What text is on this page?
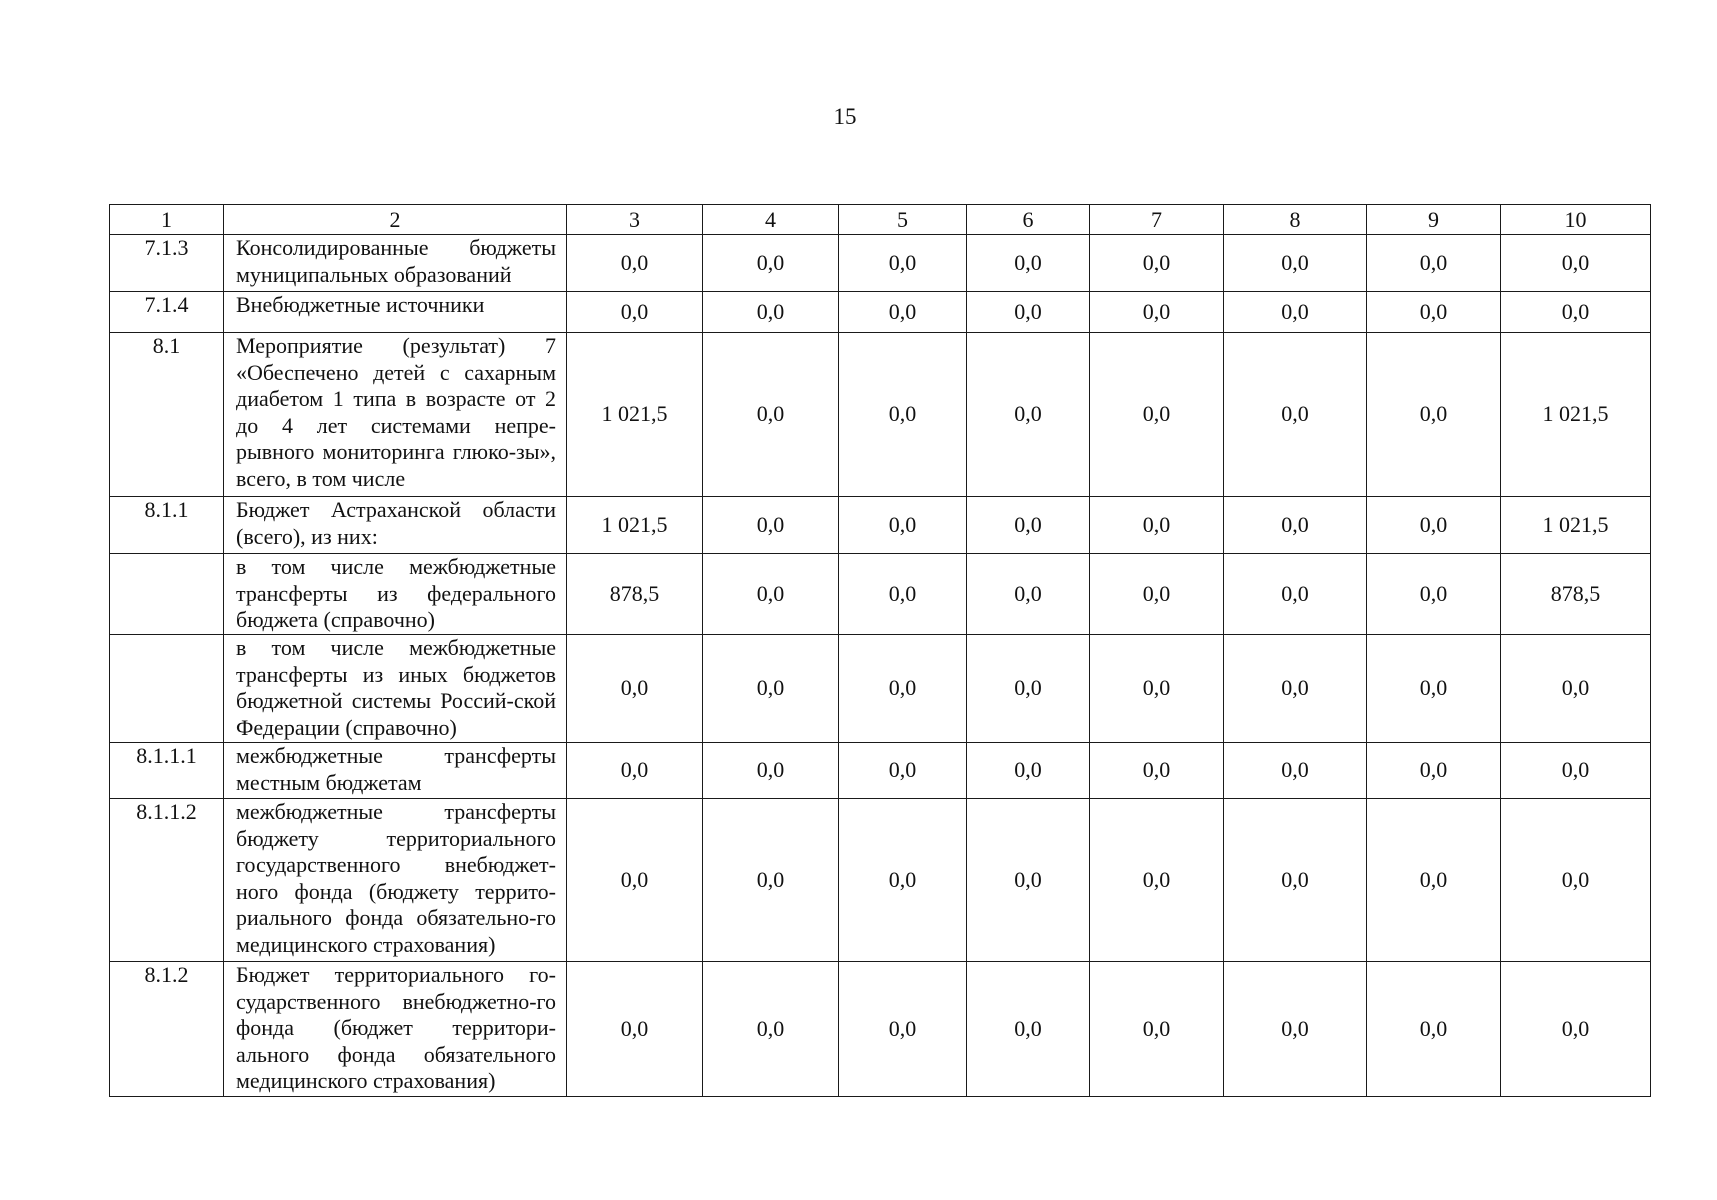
15
1	2	3	4	5	6	7	8	9	10
7.1.3	Консолидированные бюджеты муниципальных образований	0,0	0,0	0,0	0,0	0,0	0,0	0,0	0,0
7.1.4	Внебюджетные источники	0,0	0,0	0,0	0,0	0,0	0,0	0,0	0,0
8.1	Мероприятие (результат) 7 «Обеспечено детей с сахарным диабетом 1 типа в возрасте от 2 до 4 лет системами непре-рывного мониторинга глюко-зы», всего, в том числе	1 021,5	0,0	0,0	0,0	0,0	0,0	0,0	1 021,5
8.1.1	Бюджет Астраханской области (всего), из них:	1 021,5	0,0	0,0	0,0	0,0	0,0	0,0	1 021,5
	в том числе межбюджетные трансферты из федерального бюджета (справочно)	878,5	0,0	0,0	0,0	0,0	0,0	0,0	878,5
	в том числе межбюджетные трансферты из иных бюджетов бюджетной системы Россий-ской Федерации (справочно)	0,0	0,0	0,0	0,0	0,0	0,0	0,0	0,0
8.1.1.1	межбюджетные трансферты местным бюджетам	0,0	0,0	0,0	0,0	0,0	0,0	0,0	0,0
8.1.1.2	межбюджетные трансферты бюджету территориального государственного внебюджет-ного фонда (бюджету террито-риального фонда обязательно-го медицинского страхования)	0,0	0,0	0,0	0,0	0,0	0,0	0,0	0,0
8.1.2	Бюджет территориального го-сударственного внебюджетно-го фонда (бюджет территори-ального фонда обязательного медицинского страхования)	0,0	0,0	0,0	0,0	0,0	0,0	0,0	0,0
